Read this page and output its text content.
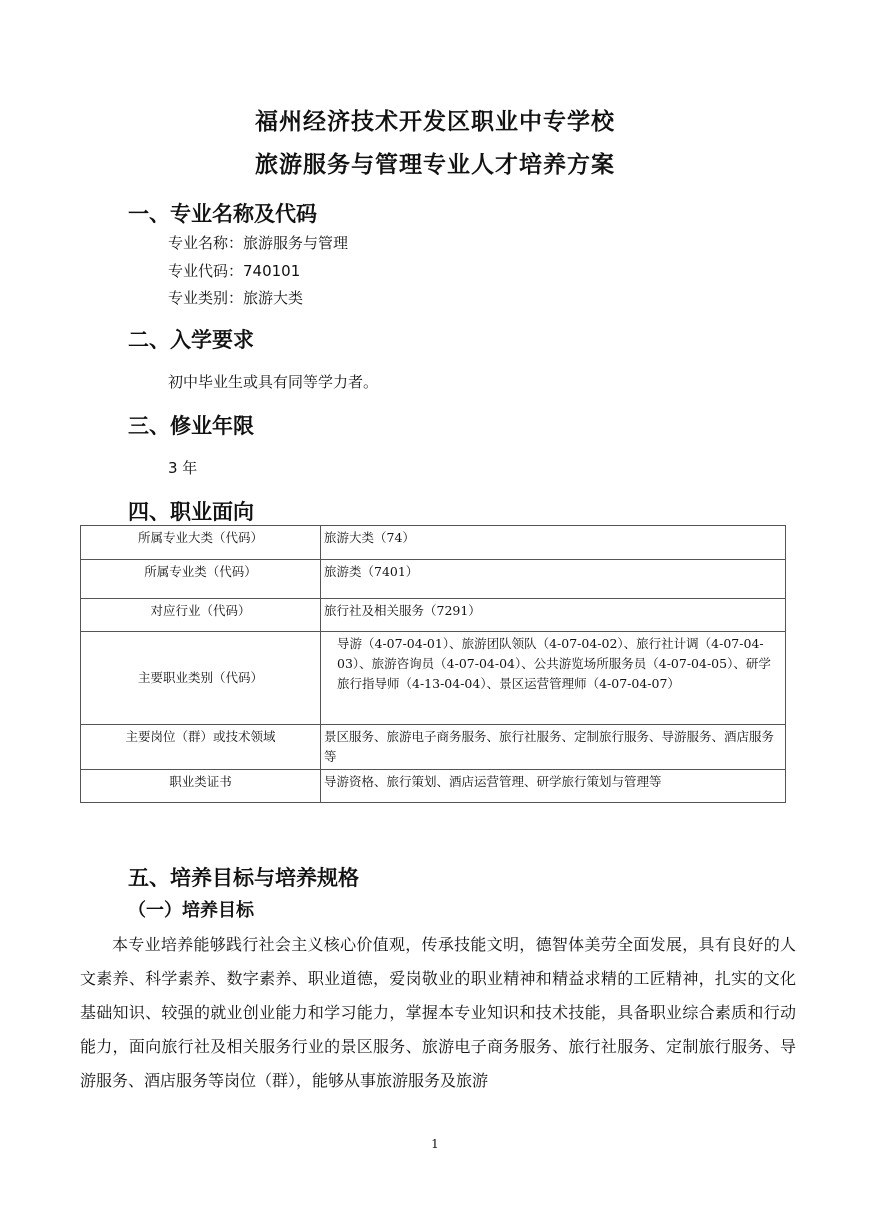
福州经济技术开发区职业中专学校
旅游服务与管理专业人才培养方案
一、专业名称及代码
专业名称：旅游服务与管理
专业代码：740101
专业类别：旅游大类
二、入学要求
初中毕业生或具有同等学力者。
三、修业年限
3 年
四、职业面向
所属专业大类（代码）	旅游大类（74）
所属专业类（代码）	旅游类（7401）
对应行业（代码）	旅行社及相关服务（7291）
主要职业类别（代码）	导游（4-07-04-01）、旅游团队领队（4-07-04-02）、旅行社计调（4-07-04-03）、旅游咨询员（4-07-04-04）、公共游览场所服务员（4-07-04-05）、研学旅行指导师（4-13-04-04）、景区运营管理师（4-07-04-07）
主要岗位（群）或技术领域	景区服务、旅游电子商务服务、旅行社服务、定制旅行服务、导游服务、酒店服务等
职业类证书	导游资格、旅行策划、酒店运营管理、研学旅行策划与管理等
五、培养目标与培养规格
（一）培养目标

本专业培养能够践行社会主义核心价值观，传承技能文明，德智体美劳全面发展，具有良好的人文素养、科学素养、数字素养、职业道德，爱岗敬业的职业精神和精益求精的工匠精神，扎实的文化基础知识、较强的就业创业能力和学习能力，掌握本专业知识和技术技能，具备职业综合素质和行动能力，面向旅行社及相关服务行业的景区服务、旅游电子商务服务、旅行社服务、定制旅行服务、导游服务、酒店服务等岗位（群），能够从事旅游服务及旅游

1
